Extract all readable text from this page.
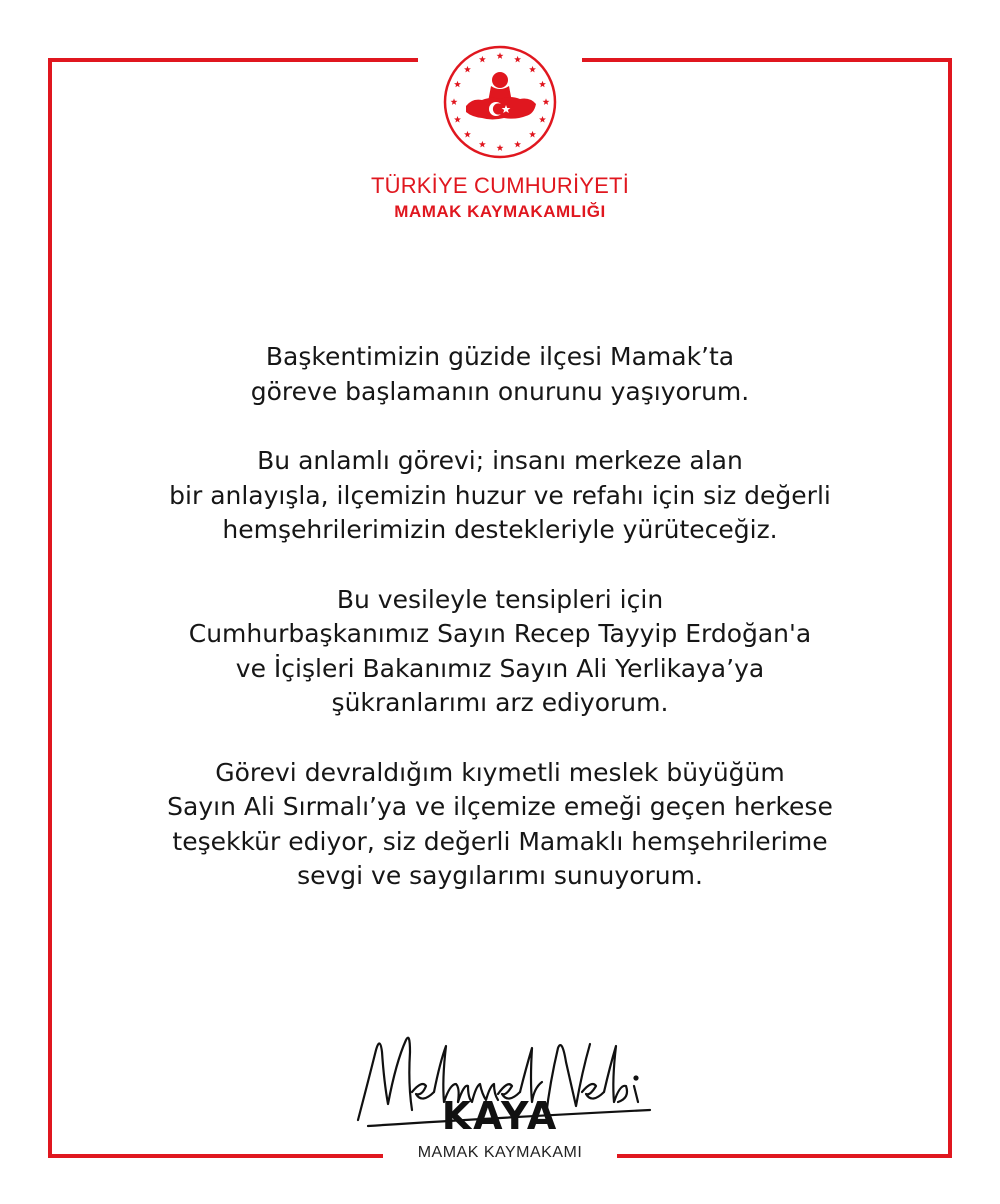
TÜRKİYE CUMHURİYETİ
MAMAK KAYMAKAMLIĞI

Başkentimizin güzide ilçesi Mamak’ta
göreve başlamanın onurunu yaşıyorum.

Bu anlamlı görevi; insanı merkeze alan
bir anlayışla, ilçemizin huzur ve refahı için siz değerli
hemşehrilerimizin destekleriyle yürüteceğiz.

Bu vesileyle tensipleri için
Cumhurbaşkanımız Sayın Recep Tayyip Erdoğan'a
ve İçişleri Bakanımız Sayın Ali Yerlikaya’ya
şükranlarımı arz ediyorum.

Görevi devraldığım kıymetli meslek büyüğüm
Sayın Ali Sırmalı’ya ve ilçemize emeği geçen herkese
teşekkür ediyor, siz değerli Mamaklı hemşehrilerime
sevgi ve saygılarımı sunuyorum.

KAYA
MAMAK KAYMAKAMI
